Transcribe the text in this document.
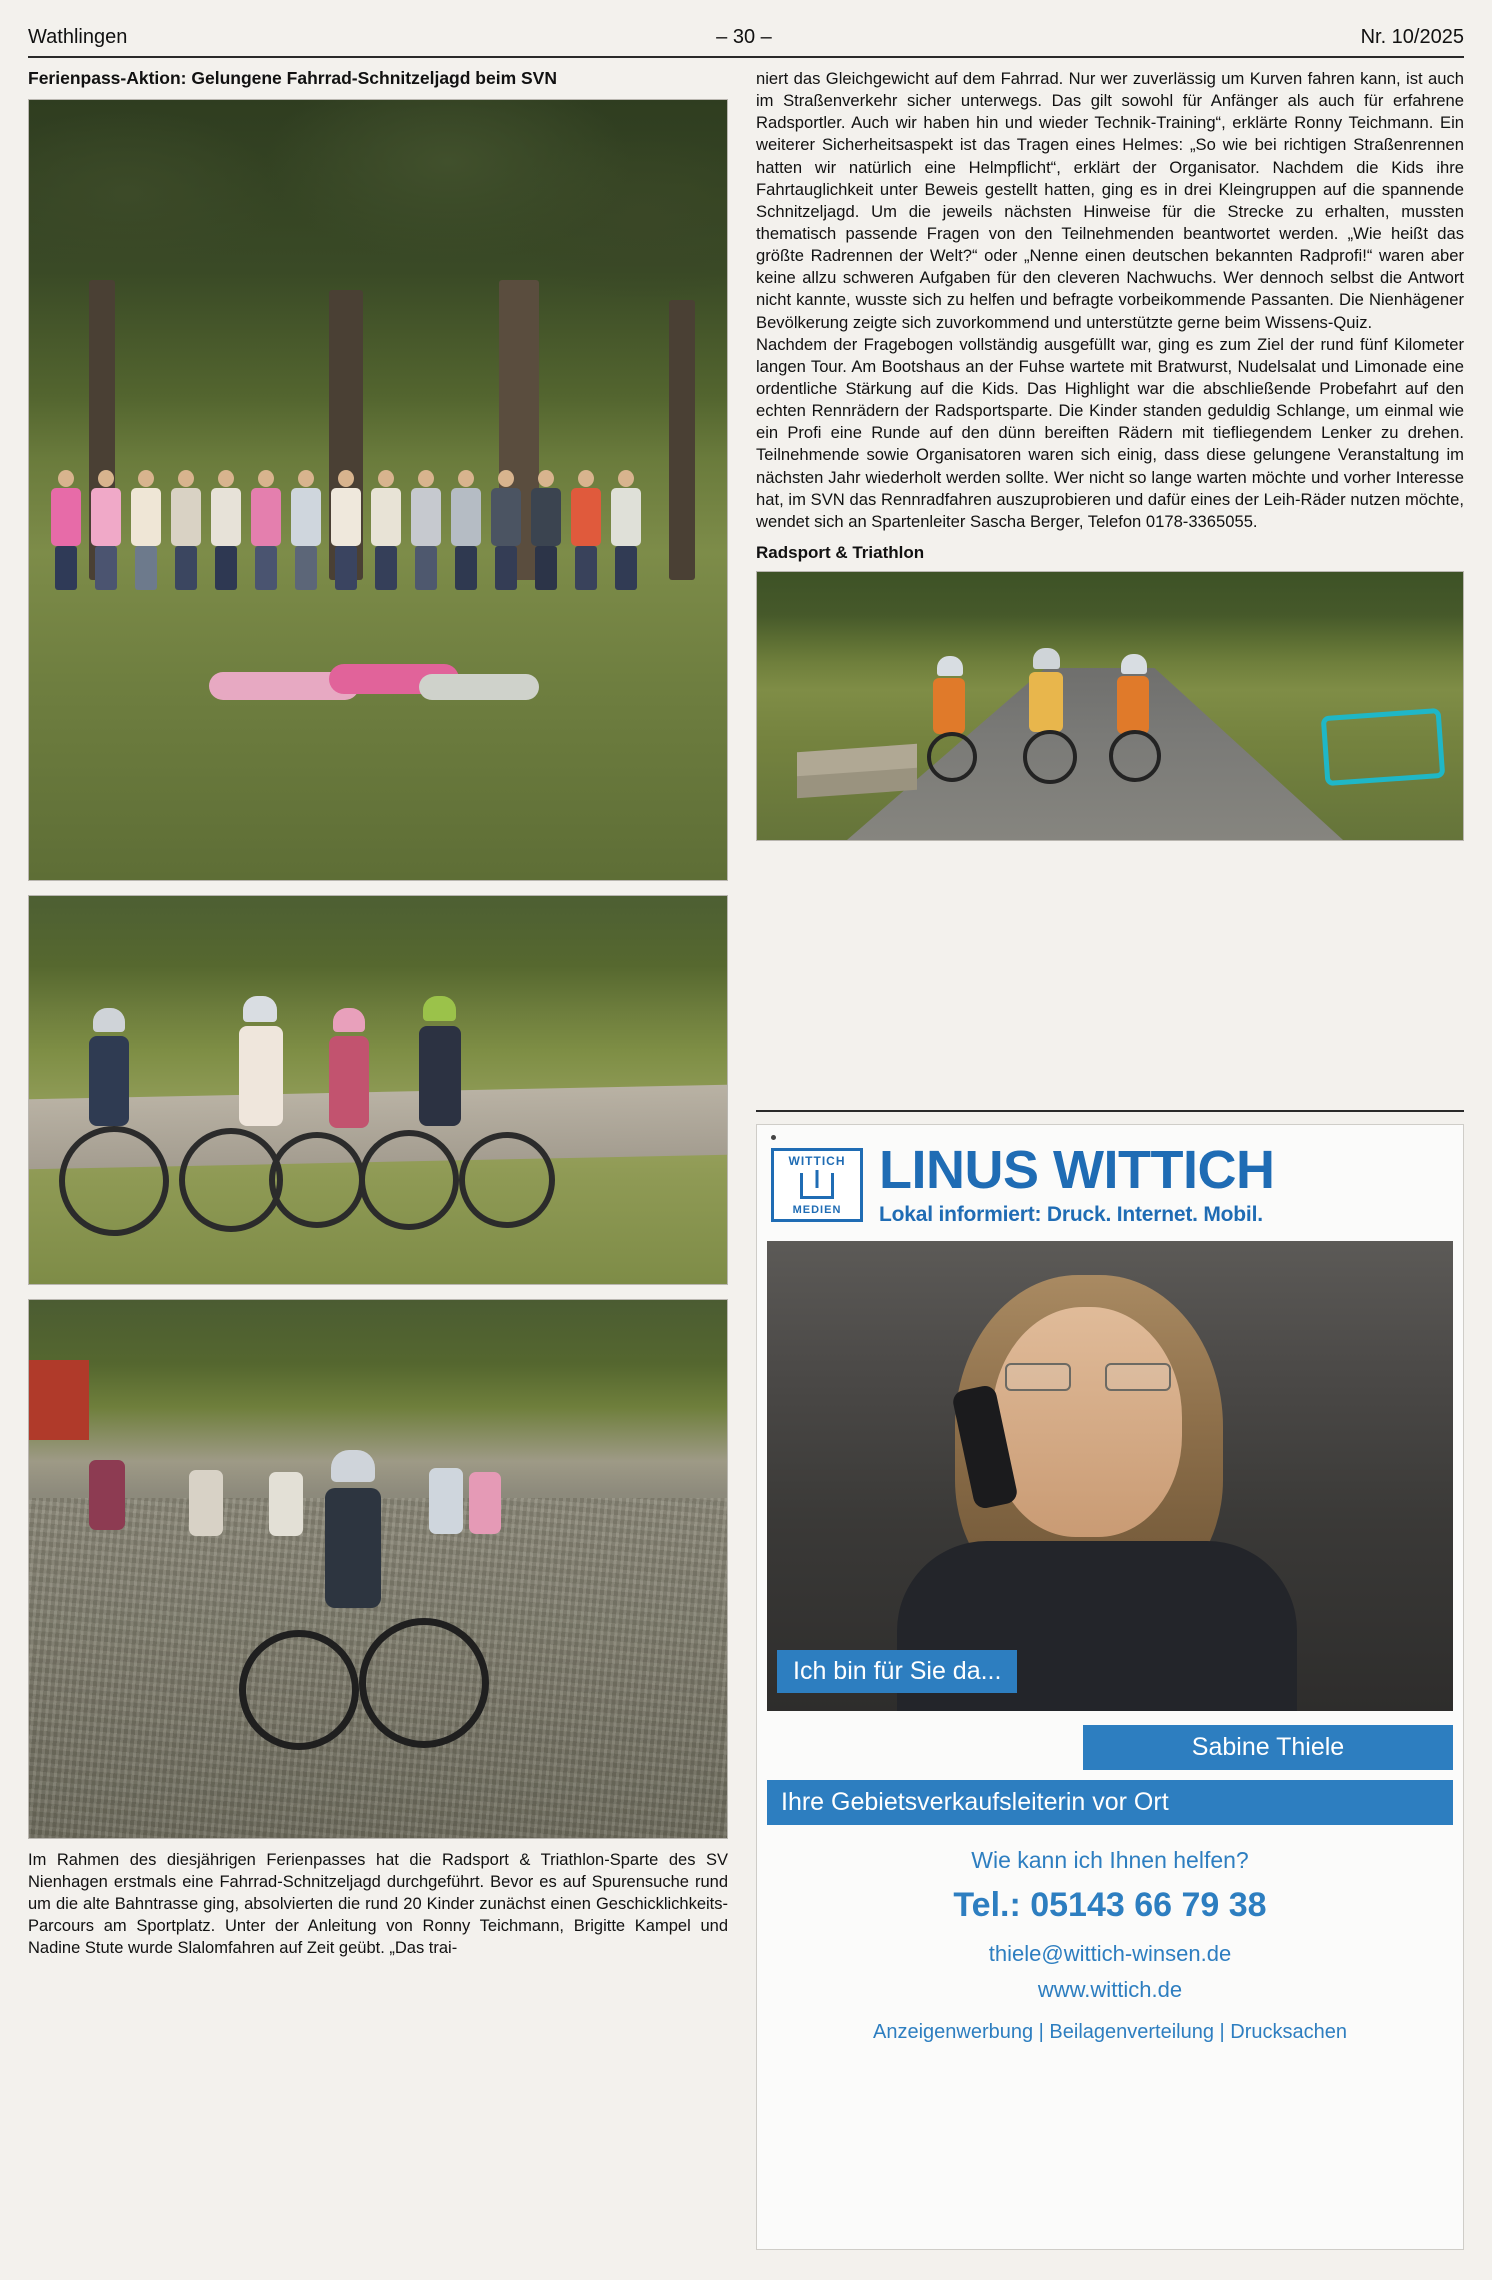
Wathlingen	– 30 –	Nr. 10/2025
Ferienpass-Aktion: Gelungene Fahrrad-Schnitzeljagd beim SVN
Im Rahmen des diesjährigen Ferienpasses hat die Radsport & Triathlon-Sparte des SV Nienhagen erstmals eine Fahrrad-Schnitzeljagd durchgeführt. Bevor es auf Spurensuche rund um die alte Bahntrasse ging, absolvierten die rund 20 Kinder zunächst einen Geschicklichkeits-Parcours am Sportplatz. Unter der Anleitung von Ronny Teichmann, Brigitte Kampel und Nadine Stute wurde Slalomfahren auf Zeit geübt. „Das trai-

niert das Gleichgewicht auf dem Fahrrad. Nur wer zuverlässig um Kurven fahren kann, ist auch im Straßenverkehr sicher unterwegs. Das gilt sowohl für Anfänger als auch für erfahrene Radsportler. Auch wir haben hin und wieder Technik-Training“, erklärte Ronny Teichmann. Ein weiterer Sicherheitsaspekt ist das Tragen eines Helmes: „So wie bei richtigen Straßenrennen hatten wir natürlich eine Helmpflicht“, erklärt der Organisator. Nachdem die Kids ihre Fahrtauglichkeit unter Beweis gestellt hatten, ging es in drei Kleingruppen auf die spannende Schnitzeljagd. Um die jeweils nächsten Hinweise für die Strecke zu erhalten, mussten thematisch passende Fragen von den Teilnehmenden beantwortet werden. „Wie heißt das größte Radrennen der Welt?“ oder „Nenne einen deutschen bekannten Radprofi!“ waren aber keine allzu schweren Aufgaben für den cleveren Nachwuchs. Wer dennoch selbst die Antwort nicht kannte, wusste sich zu helfen und befragte vorbeikommende Passanten. Die Nienhägener Bevölkerung zeigte sich zuvorkommend und unterstützte gerne beim Wissens-Quiz.

Nachdem der Fragebogen vollständig ausgefüllt war, ging es zum Ziel der rund fünf Kilometer langen Tour. Am Bootshaus an der Fuhse wartete mit Bratwurst, Nudelsalat und Limonade eine ordentliche Stärkung auf die Kids. Das Highlight war die abschließende Probefahrt auf den echten Rennrädern der Radsportsparte. Die Kinder standen geduldig Schlange, um einmal wie ein Profi eine Runde auf den dünn bereiften Rädern mit tiefliegendem Lenker zu drehen. Teilnehmende sowie Organisatoren waren sich einig, dass diese gelungene Veranstaltung im nächsten Jahr wiederholt werden sollte. Wer nicht so lange warten möchte und vorher Interesse hat, im SVN das Rennradfahren auszuprobieren und dafür eines der Leih-Räder nutzen möchte, wendet sich an Spartenleiter Sascha Berger, Telefon 0178-3365055.

Radsport & Triathlon
WITTICH
MEDIEN
LINUS WITTICH
Lokal informiert: Druck. Internet. Mobil.
Ich bin für Sie da...
Sabine Thiele
Ihre Gebietsverkaufsleiterin vor Ort
Wie kann ich Ihnen helfen?
Tel.: 05143 66 79 38
thiele@wittich-winsen.de
www.wittich.de
Anzeigenwerbung | Beilagenverteilung | Drucksachen
